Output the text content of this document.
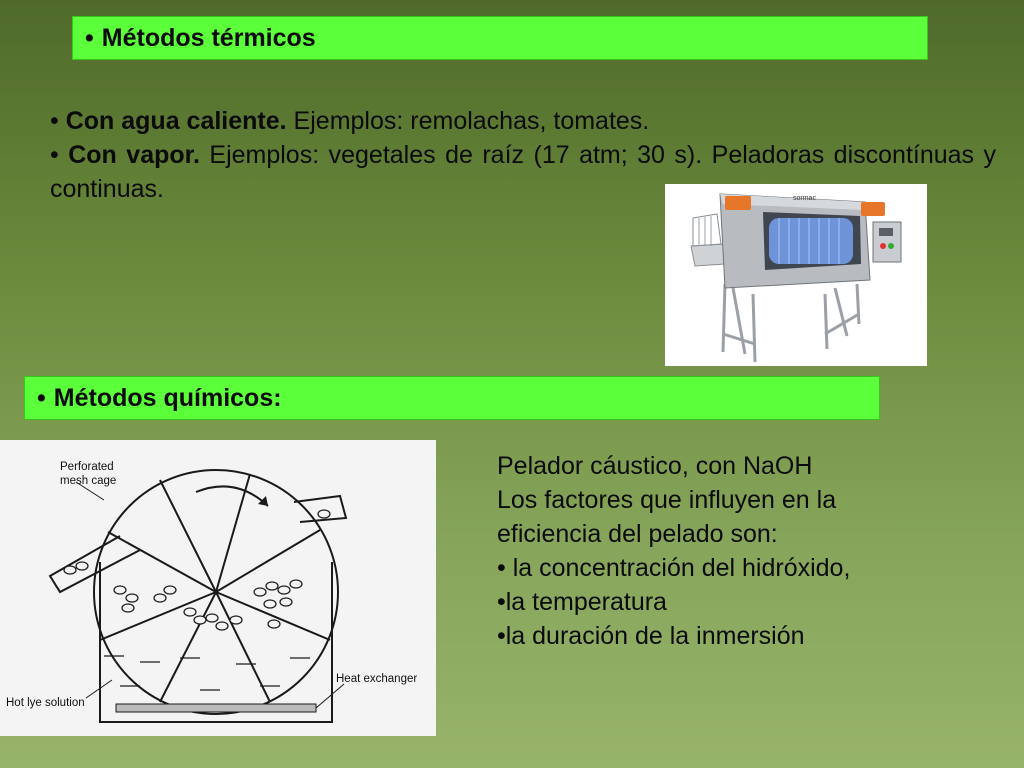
• Métodos térmicos

• Con agua caliente. Ejemplos: remolachas, tomates.

• Con vapor. Ejemplos: vegetales de raíz (17 atm; 30 s). Peladoras discontínuas y continuas.	sormac
• Métodos químicos:
Perforated
mesh cage
Hot lye solution
Heat exchanger
Pelador cáustico, con NaOH
Los factores que influyen en la
eficiencia del pelado son:
• la concentración del hidróxido,
•la temperatura
•la duración de la inmersión
